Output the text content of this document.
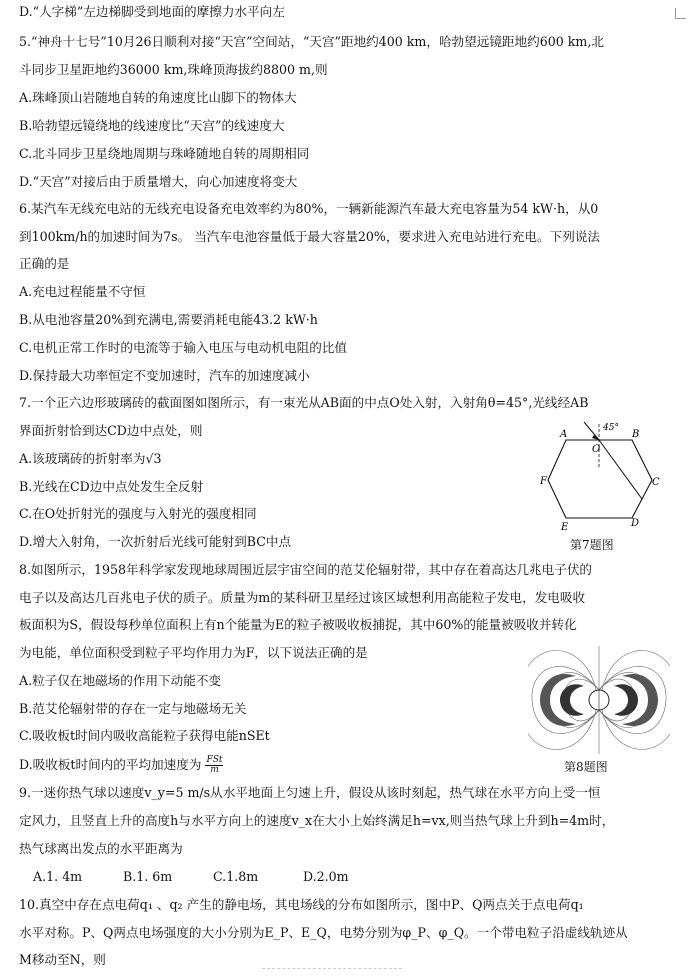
D.“人字梯”左边梯脚受到地面的摩擦力水平向左
5.“神舟十七号”10月26日顺利对接“天宫”空间站，“天宫”距地约400 km，哈勃望远镜距地约600 km,北
斗同步卫星距地约36000 km,珠峰顶海拔约8800 m,则
A.珠峰顶山岩随地自转的角速度比山脚下的物体大
B.哈勃望远镜绕地的线速度比“天宫”的线速度大
C.北斗同步卫星绕地周期与珠峰随地自转的周期相同
D.“天宫”对接后由于质量增大，向心加速度将变大
6.某汽车无线充电站的无线充电设备充电效率约为80%，一辆新能源汽车最大充电容量为54 kW·h，从0
到100km/h的加速时间为7s。 当汽车电池容量低于最大容量20%，要求进入充电站进行充电。下列说法
正确的是
A.充电过程能量不守恒
B.从电池容量20%到充满电,需要消耗电能43.2 kW·h
C.电机正常工作时的电流等于输入电压与电动机电阻的比值
D.保持最大功率恒定不变加速时，汽车的加速度减小
7.一个正六边形玻璃砖的截面图如图所示，有一束光从AB面的中点O处入射，入射角θ=45°,光线经AB
界面折射恰到达CD边中点处，则
A.该玻璃砖的折射率为√3
B.光线在CD边中点处发生全反射
C.在O处折射光的强度与入射光的强度相同
D.增大入射角，一次折射后光线可能射到BC中点
8.如图所示，1958年科学家发现地球周围近层宇宙空间的范艾伦辐射带，其中存在着高达几兆电子伏的
电子以及高达几百兆电子伏的质子。质量为m的某科研卫星经过该区域想利用高能粒子发电，发电吸收
板面积为S，假设每秒单位面积上有n个能量为E的粒子被吸收板捕捉，其中60%的能量被吸收并转化
为电能，单位面积受到粒子平均作用力为F，以下说法正确的是
A.粒子仅在地磁场的作用下动能不变
B.范艾伦辐射带的存在一定与地磁场无关
C.吸收板t时间内吸收高能粒子获得电能nSEt
D.吸收板t时间内的平均加速度为 $\frac{\text{FSt}}{m}$
9.一迷你热气球以速度v_y=5 m/s从水平地面上匀速上升，假设从该时刻起，热气球在水平方向上受一恒
定风力，且竖直上升的高度h与水平方向上的速度v_x在大小上始终满足h=vx,则当热气球上升到h=4m时，
热气球离出发点的水平距离为
A.1. 4m	B.1. 6m	C.1.8m	D.2.0m
10.真空中存在点电荷q₁ 、q₂ 产生的静电场，其电场线的分布如图所示，图中P、Q两点关于点电荷q₁
水平对称。P、Q两点电场强度的大小分别为E_P、E_Q，电势分别为φ_P、φ_Q。一个带电粒子沿虚线轨迹从
M移动至N，则
45°
A
O
B
F	C
E	D
第7题图
第8题图
